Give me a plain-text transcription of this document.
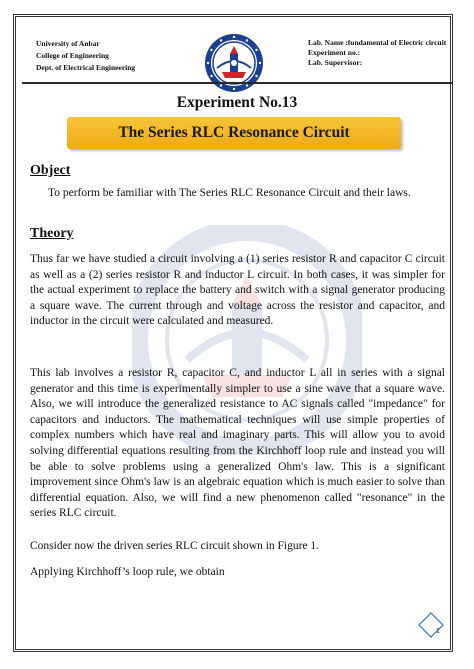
University of Anbar
College of Engineering
Dept. of Electrical Engineering
Lab. Name :fundamental of Electric circuit
Experiment no.:
Lab. Supervisor:
Experiment No.13
The Series RLC Resonance Circuit
Object
To perform be familiar with The Series RLC Resonance Circuit and their laws.
Theory
Thus far we have studied a circuit involving a (1) series resistor R and capacitor C circuit as well as a (2) series resistor R and inductor L circuit. In both cases, it was simpler for the actual experiment to replace the battery and switch with a signal generator producing a square wave. The current through and voltage across the resistor and capacitor, and inductor in the circuit were calculated and measured.
This lab involves a resistor R, capacitor C, and inductor L all in series with a signal generator and this time is experimentally simpler to use a sine wave that a square wave. Also, we will introduce the generalized resistance to AC signals called "impedance" for capacitors and inductors. The mathematical techniques will use simple properties of complex numbers which have real and imaginary parts. This will allow you to avoid solving differential equations resulting from the Kirchhoff loop rule and instead you will be able to solve problems using a generalized Ohm's law. This is a significant improvement since Ohm's law is an algebraic equation which is much easier to solve than differential equation. Also, we will find a new phenomenon called "resonance" in the series RLC circuit.
Consider now the driven series RLC circuit shown in Figure 1.
Applying Kirchhoff’s loop rule, we obtain
1
